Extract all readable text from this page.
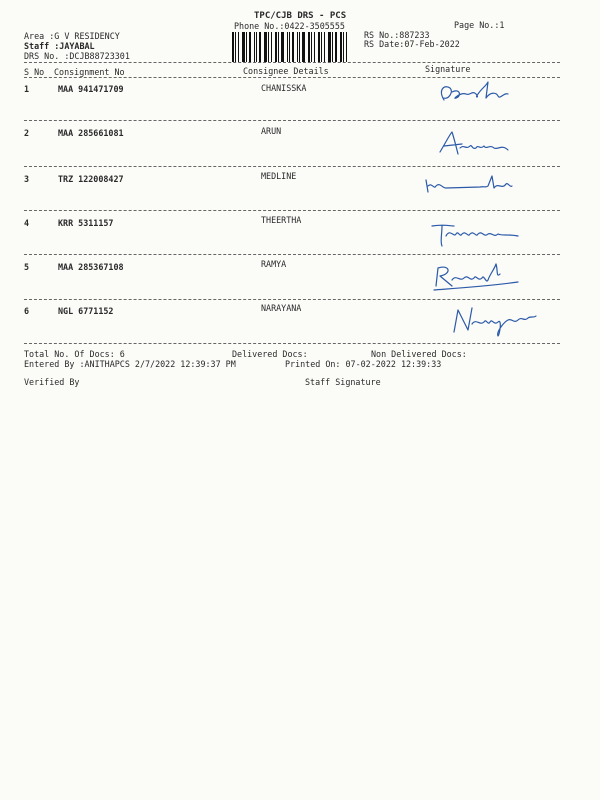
TPC/CJB DRS - PCS
Phone No.:0422-3505555	Page No.:1
Area :G V RESIDENCY
Staff :JAYABAL
DRS No. :DCJB88723301
RS No.:887233
RS Date:07-Feb-2022
S No Consignment No	Consignee Details	Signature
1	MAA 941471709	CHANISSKA
2	MAA 285661081	ARUN
3	TRZ 122008427	MEDLINE
4	KRR 5311157	THEERTHA
5	MAA 285367108	RAMYA
6	NGL 6771152	NARAYANA
Total No. Of Docs: 6	Delivered Docs:	Non Delivered Docs:
Entered By :ANITHAPCS 2/7/2022 12:39:37 PM	Printed On: 07-02-2022 12:39:33
Verified By	Staff Signature
